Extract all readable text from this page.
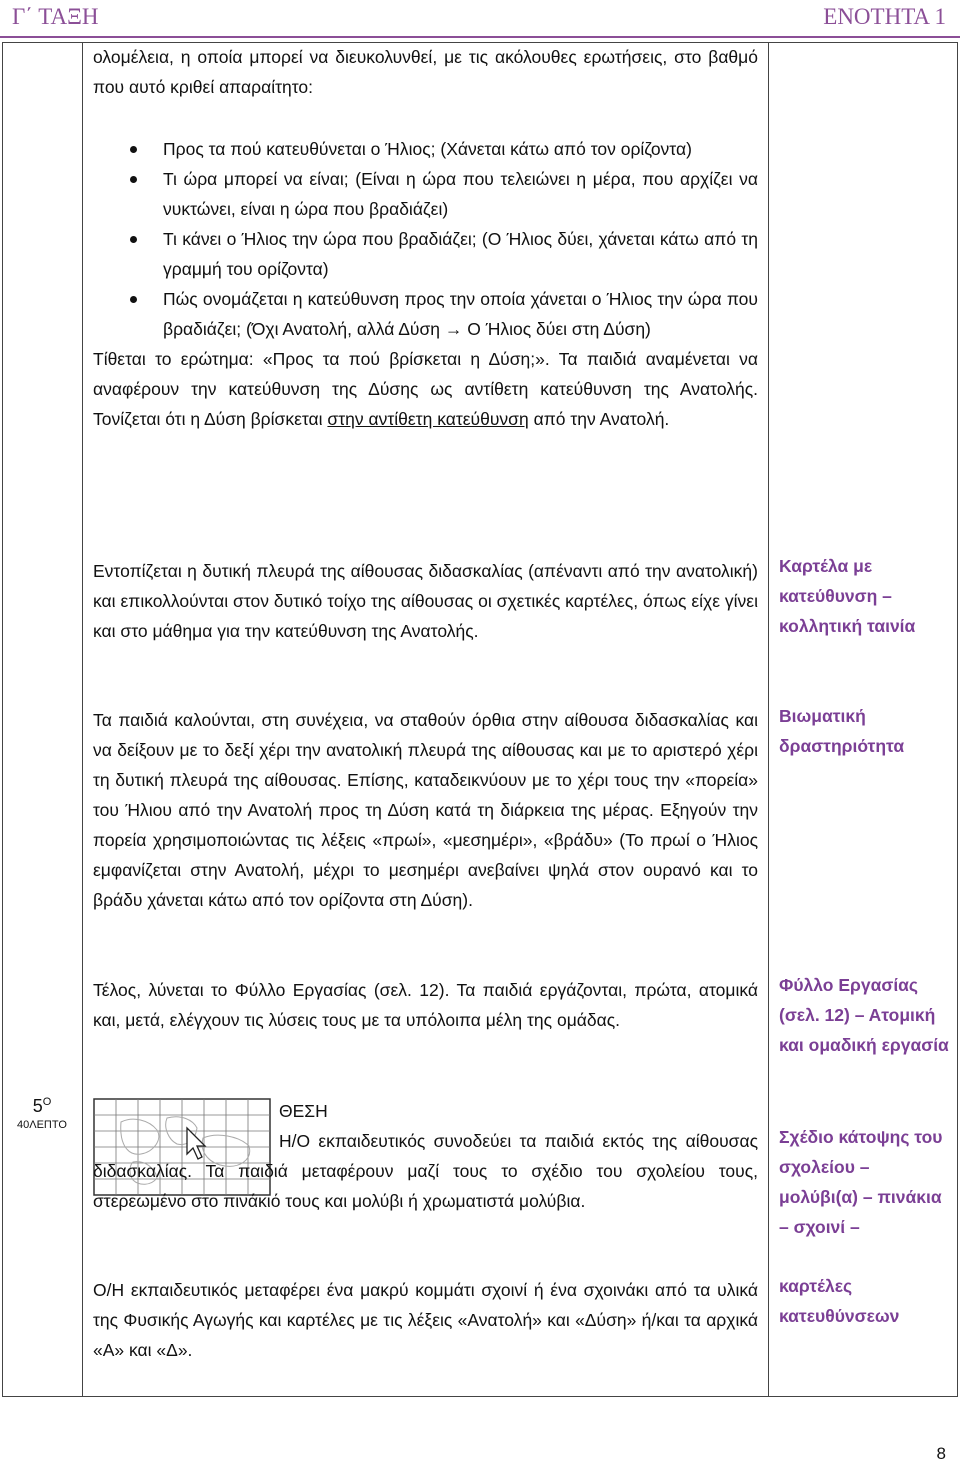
Γ΄ ΤΑΞΗ	ΕΝΟΤΗΤΑ 1

ολομέλεια, η οποία μπορεί να διευκολυνθεί, με τις ακόλουθες ερωτήσεις, στο βαθμό που αυτό κριθεί απαραίτητο:

Προς τα πού κατευθύνεται ο Ήλιος; (Χάνεται κάτω από τον ορίζοντα)
Τι ώρα μπορεί να είναι; (Είναι η ώρα που τελειώνει η μέρα, που αρχίζει να νυκτώνει, είναι η ώρα που βραδιάζει)
Τι κάνει ο Ήλιος την ώρα που βραδιάζει; (Ο Ήλιος δύει, χάνεται κάτω από τη γραμμή του ορίζοντα)
Πώς ονομάζεται η κατεύθυνση προς την οποία χάνεται ο Ήλιος την ώρα που βραδιάζει; (Όχι Ανατολή, αλλά Δύση → Ο Ήλιος δύει στη Δύση)

Τίθεται το ερώτημα: «Προς τα πού βρίσκεται η Δύση;». Τα παιδιά αναμένεται να αναφέρουν την κατεύθυνση της Δύσης ως αντίθετη κατεύθυνση της Ανατολής. Τονίζεται ότι η Δύση βρίσκεται στην αντίθετη κατεύθυνση από την Ανατολή.

Εντοπίζεται η δυτική πλευρά της αίθουσας διδασκαλίας (απέναντι από την ανατολική) και επικολλούνται στον δυτικό τοίχο της αίθουσας οι σχετικές καρτέλες, όπως είχε γίνει και στο μάθημα για την κατεύθυνση της Ανατολής.
Καρτέλα με κατεύθυνση – κολλητική ταινία
Τα παιδιά καλούνται, στη συνέχεια, να σταθούν όρθια στην αίθουσα διδασκαλίας και να δείξουν με το δεξί χέρι την ανατολική πλευρά της αίθουσας και με το αριστερό χέρι τη δυτική πλευρά της αίθουσας. Επίσης, καταδεικνύουν με το χέρι τους την «πορεία» του Ήλιου από την Ανατολή προς τη Δύση κατά τη διάρκεια της μέρας. Εξηγούν την πορεία χρησιμοποιώντας τις λέξεις «πρωί», «μεσημέρι», «βράδυ» (Το πρωί ο Ήλιος εμφανίζεται στην Ανατολή, μέχρι το μεσημέρι ανεβαίνει ψηλά στον ουρανό και το βράδυ χάνεται κάτω από τον ορίζοντα στη Δύση).
Βιωματική δραστηριότητα
Τέλος, λύνεται το Φύλλο Εργασίας (σελ. 12). Τα παιδιά εργάζονται, πρώτα, ατομικά και, μετά, ελέγχουν τις λύσεις τους με τα υπόλοιπα μέλη της ομάδας.
Φύλλο Εργασίας (σελ. 12) – Ατομική και ομαδική εργασία
$5^O$
40ΛΕΠΤΟ

ΘΕΣΗ

Η/Ο εκπαιδευτικός συνοδεύει τα παιδιά εκτός της αίθουσας διδασκαλίας. Τα παιδιά μεταφέρουν μαζί τους το σχέδιο του σχολείου τους, στερεωμένο στο πινάκιό τους και μολύβι ή χρωματιστά μολύβια.

Σχέδιο κάτοψης του σχολείου – μολύβι(α) – πινάκια – σχοινί –
Ο/Η εκπαιδευτικός μεταφέρει ένα μακρύ κομμάτι σχοινί ή ένα σχοινάκι από τα υλικά της Φυσικής Αγωγής και καρτέλες με τις λέξεις «Ανατολή» και «Δύση» ή/και τα αρχικά «Α» και «Δ».
καρτέλες κατευθύνσεων
8
